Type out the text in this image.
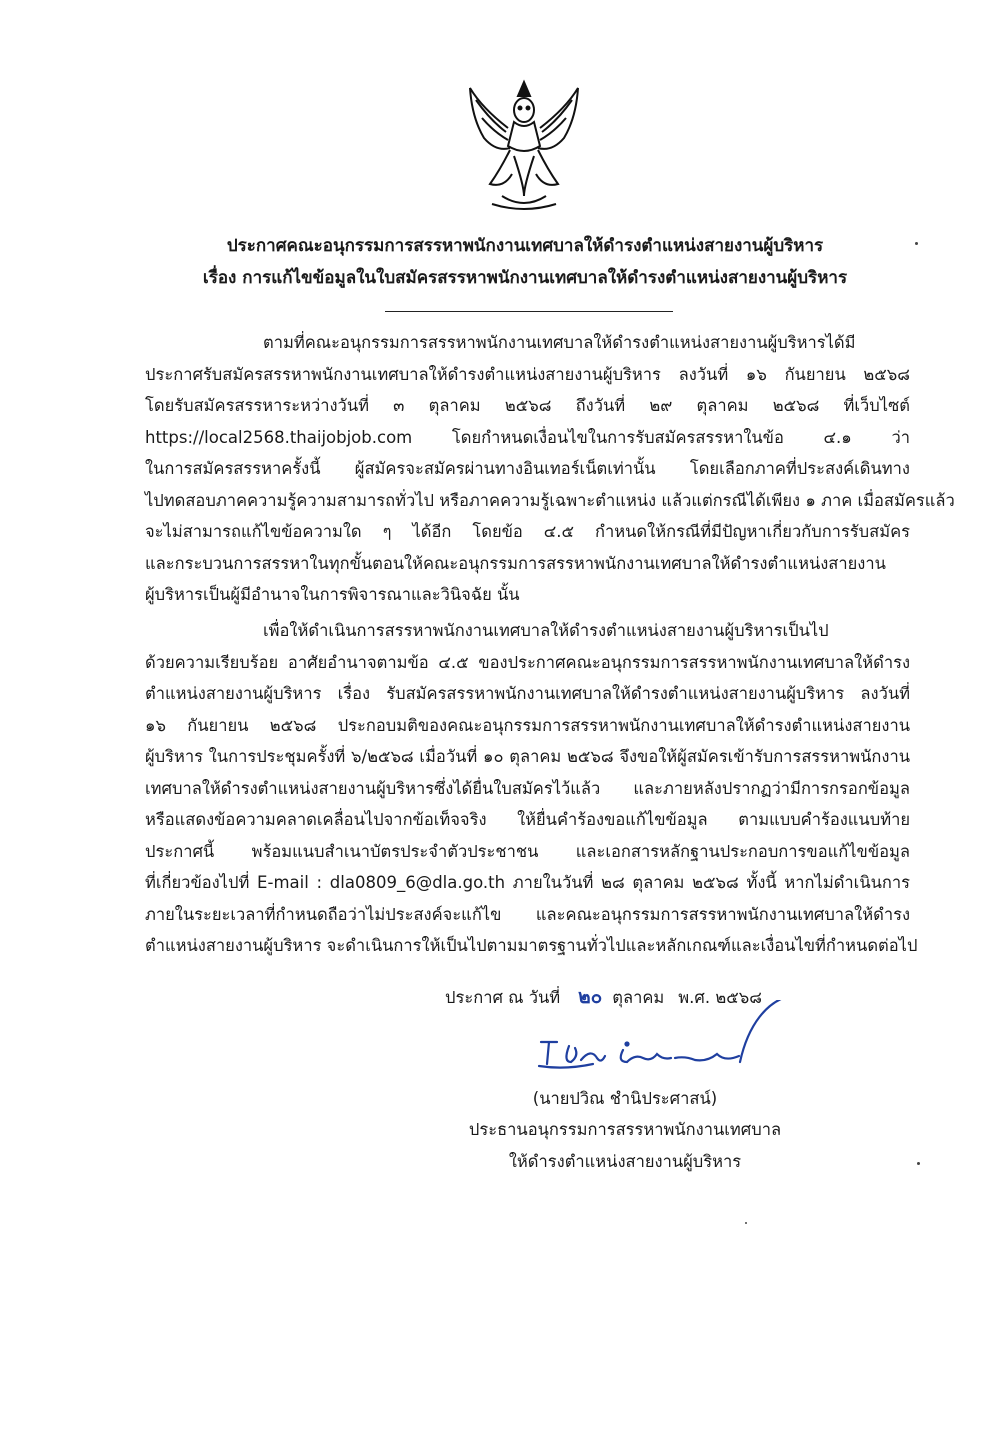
ประกาศคณะอนุกรรมการสรรหาพนักงานเทศบาลให้ดำรงตำแหน่งสายงานผู้บริหาร
เรื่อง การแก้ไขข้อมูลในใบสมัครสรรหาพนักงานเทศบาลให้ดำรงตำแหน่งสายงานผู้บริหาร
ตามที่คณะอนุกรรมการสรรหาพนักงานเทศบาลให้ดำรงตำแหน่งสายงานผู้บริหารได้มี
ประกาศรับสมัครสรรหาพนักงานเทศบาลให้ดำรงตำแหน่งสายงานผู้บริหาร ลงวันที่ ๑๖ กันยายน ๒๕๖๘
โดยรับสมัครสรรหาระหว่างวันที่ ๓ ตุลาคม ๒๕๖๘ ถึงวันที่ ๒๙ ตุลาคม ๒๕๖๘ ที่เว็บไซต์
https://local2568.thaijobjob.com โดยกำหนดเงื่อนไขในการรับสมัครสรรหาในข้อ ๔.๑ ว่า
ในการสมัครสรรหาครั้งนี้ ผู้สมัครจะสมัครผ่านทางอินเทอร์เน็ตเท่านั้น โดยเลือกภาคที่ประสงค์เดินทาง
ไปทดสอบภาคความรู้ความสามารถทั่วไป หรือภาคความรู้เฉพาะตำแหน่ง แล้วแต่กรณีได้เพียง ๑ ภาค เมื่อสมัครแล้ว
จะไม่สามารถแก้ไขข้อความใด ๆ ได้อีก โดยข้อ ๔.๕ กำหนดให้กรณีที่มีปัญหาเกี่ยวกับการรับสมัคร
และกระบวนการสรรหาในทุกขั้นตอนให้คณะอนุกรรมการสรรหาพนักงานเทศบาลให้ดำรงตำแหน่งสายงาน
ผู้บริหารเป็นผู้มีอำนาจในการพิจารณาและวินิจฉัย นั้น
เพื่อให้ดำเนินการสรรหาพนักงานเทศบาลให้ดำรงตำแหน่งสายงานผู้บริหารเป็นไป
ด้วยความเรียบร้อย อาศัยอำนาจตามข้อ ๔.๕ ของประกาศคณะอนุกรรมการสรรหาพนักงานเทศบาลให้ดำรง
ตำแหน่งสายงานผู้บริหาร เรื่อง รับสมัครสรรหาพนักงานเทศบาลให้ดำรงตำแหน่งสายงานผู้บริหาร ลงวันที่
๑๖ กันยายน ๒๕๖๘ ประกอบมติของคณะอนุกรรมการสรรหาพนักงานเทศบาลให้ดำรงตำแหน่งสายงาน
ผู้บริหาร ในการประชุมครั้งที่ ๖/๒๕๖๘ เมื่อวันที่ ๑๐ ตุลาคม ๒๕๖๘ จึงขอให้ผู้สมัครเข้ารับการสรรหาพนักงาน
เทศบาลให้ดำรงตำแหน่งสายงานผู้บริหารซึ่งได้ยื่นใบสมัครไว้แล้ว และภายหลังปรากฏว่ามีการกรอกข้อมูล
หรือแสดงข้อความคลาดเคลื่อนไปจากข้อเท็จจริง ให้ยื่นคำร้องขอแก้ไขข้อมูล ตามแบบคำร้องแนบท้าย
ประกาศนี้ พร้อมแนบสำเนาบัตรประจำตัวประชาชน และเอกสารหลักฐานประกอบการขอแก้ไขข้อมูล
ที่เกี่ยวข้องไปที่ E-mail : dla0809_6@dla.go.th ภายในวันที่ ๒๘ ตุลาคม ๒๕๖๘ ทั้งนี้ หากไม่ดำเนินการ
ภายในระยะเวลาที่กำหนดถือว่าไม่ประสงค์จะแก้ไข และคณะอนุกรรมการสรรหาพนักงานเทศบาลให้ดำรง
ตำแหน่งสายงานผู้บริหาร จะดำเนินการให้เป็นไปตามมาตรฐานทั่วไปและหลักเกณฑ์และเงื่อนไขที่กำหนดต่อไป
ประกาศ ณ วันที่ ๒๐ ตุลาคม พ.ศ. ๒๕๖๘
(นายปวิณ ชำนิประศาสน์)
ประธานอนุกรรมการสรรหาพนักงานเทศบาล
ให้ดำรงตำแหน่งสายงานผู้บริหาร
